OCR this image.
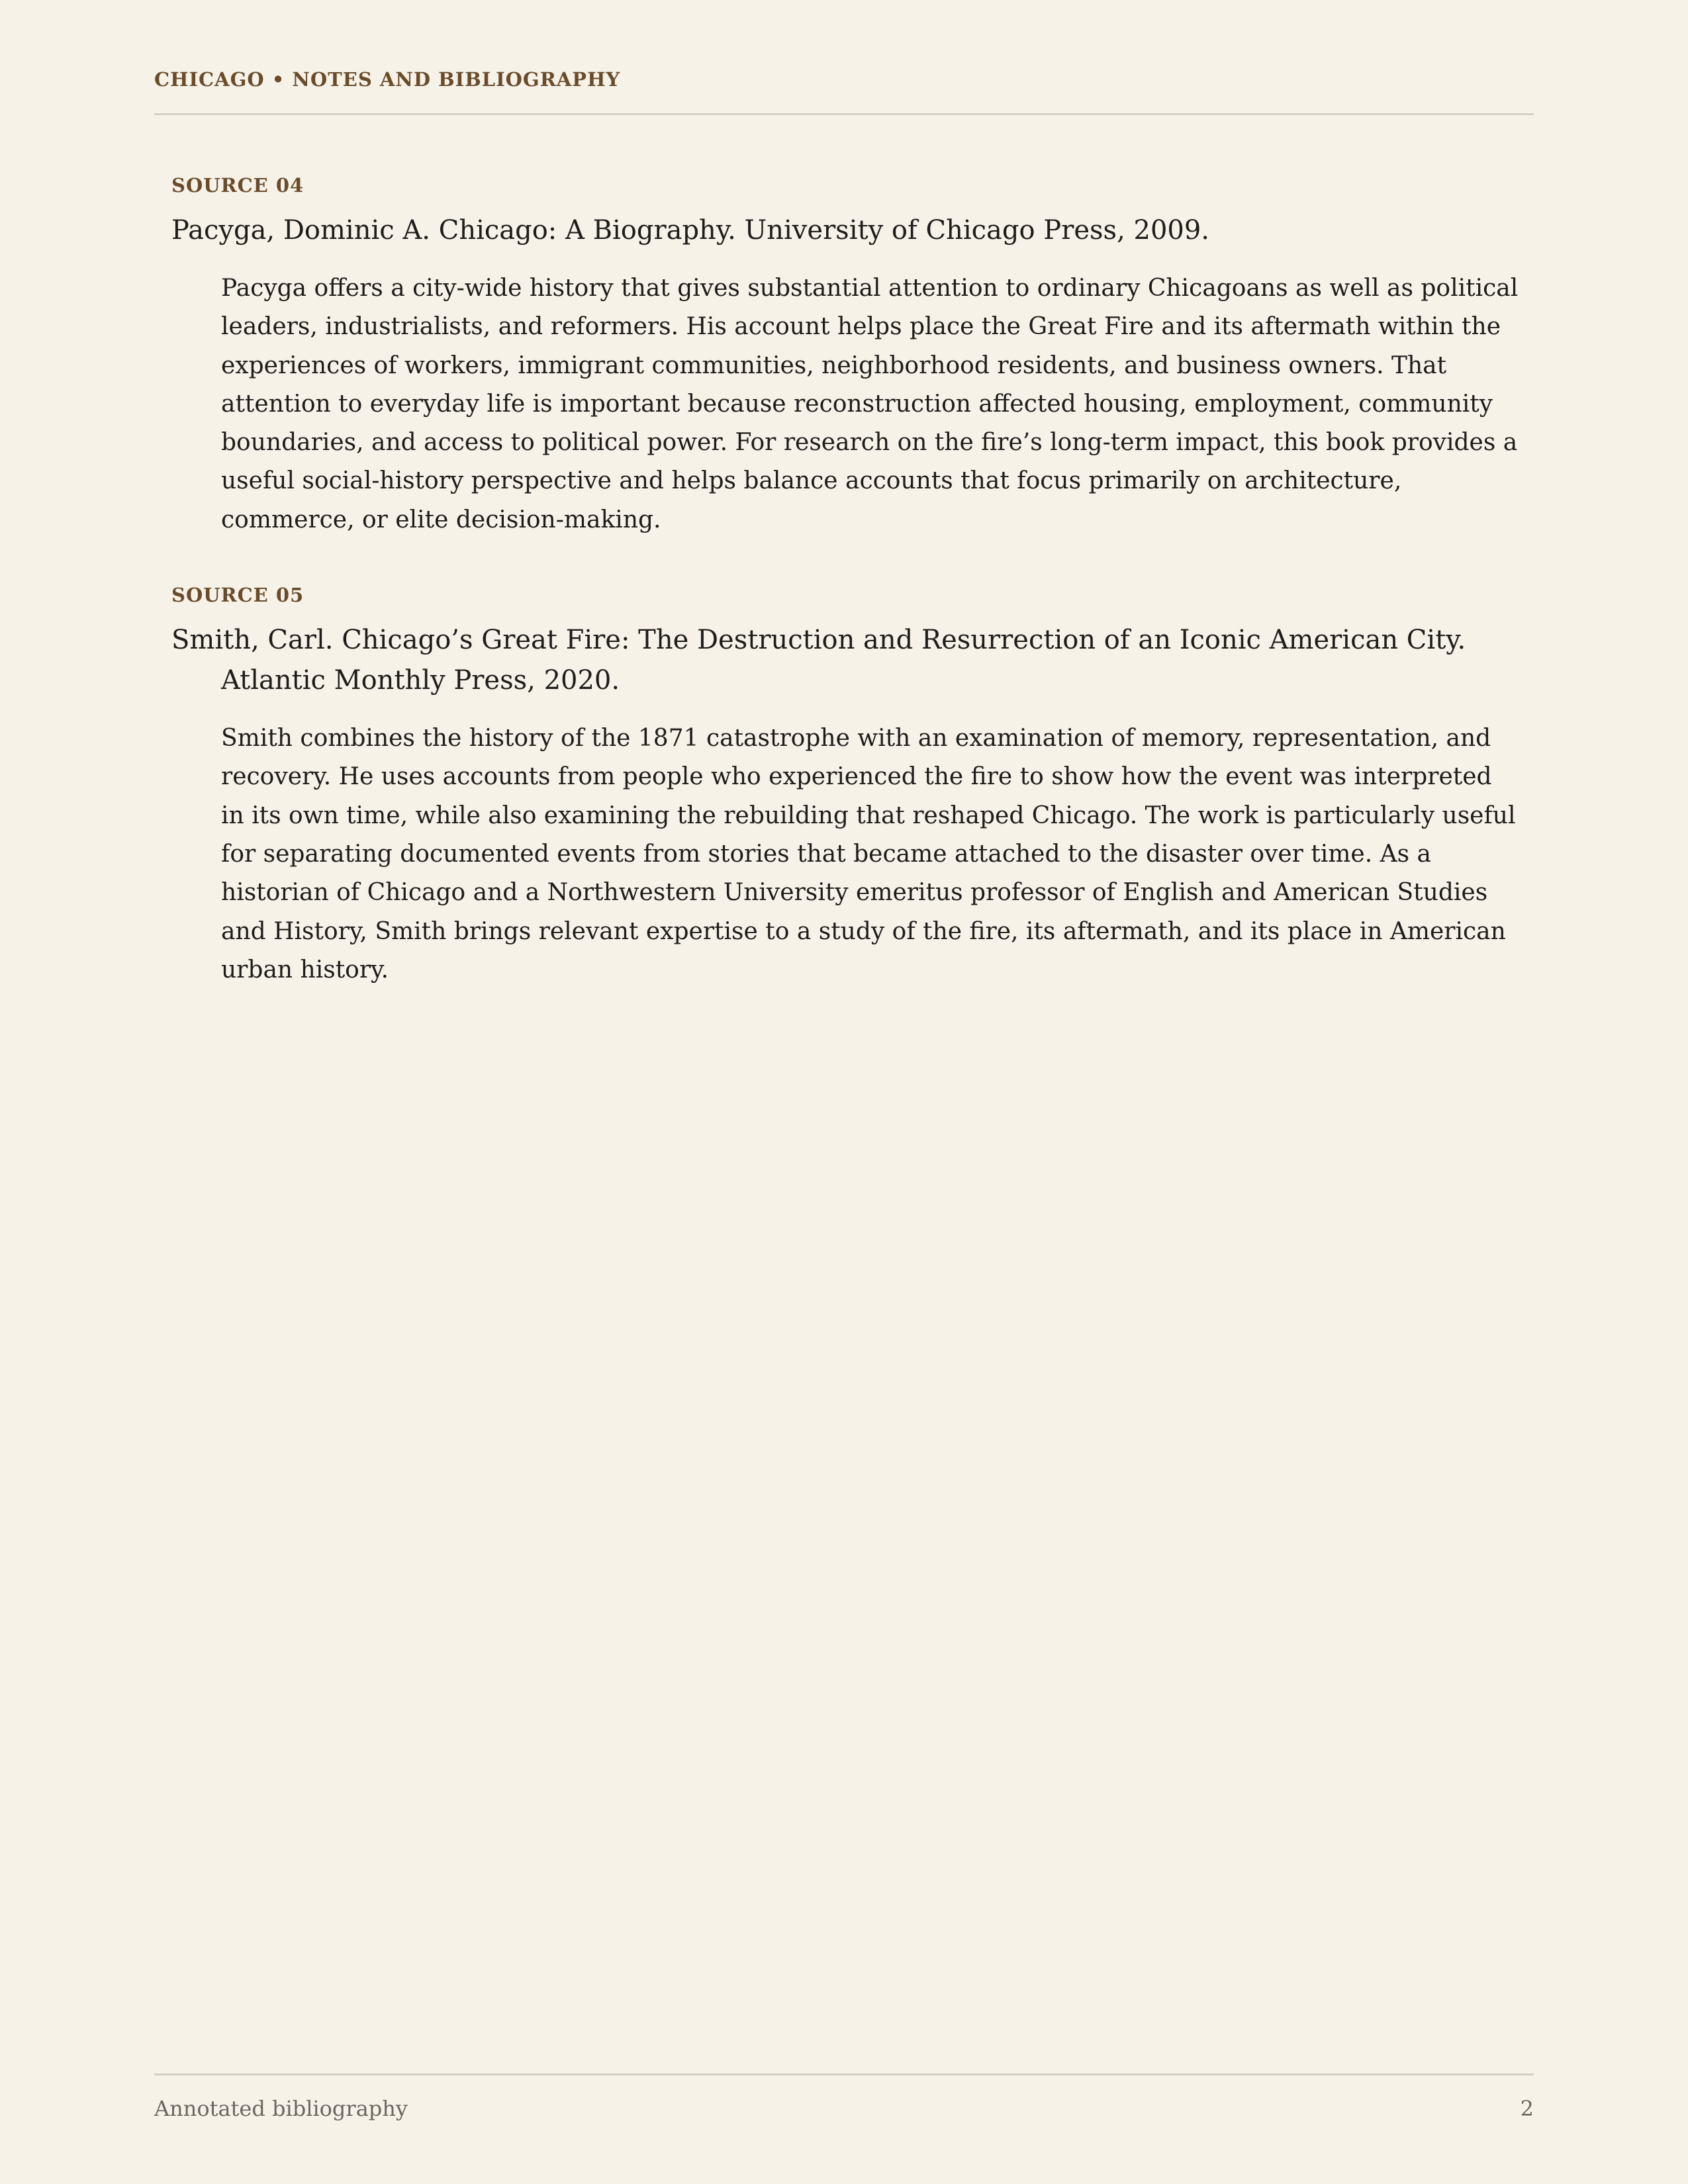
CHICAGO • NOTES AND BIBLIOGRAPHY

SOURCE 04

Pacyga, Dominic A. Chicago: A Biography. University of Chicago Press, 2009.

Pacyga offers a city-wide history that gives substantial attention to ordinary Chicagoans as well as political leaders, industrialists, and reformers. His account helps place the Great Fire and its aftermath within the experiences of workers, immigrant communities, neighborhood residents, and business owners. That attention to everyday life is important because reconstruction affected housing, employment, community boundaries, and access to political power. For research on the fire’s long-term impact, this book provides a useful social-history perspective and helps balance accounts that focus primarily on architecture, commerce, or elite decision-making.

SOURCE 05

Smith, Carl. Chicago’s Great Fire: The Destruction and Resurrection of an Iconic American City. Atlantic Monthly Press, 2020.

Smith combines the history of the 1871 catastrophe with an examination of memory, representation, and recovery. He uses accounts from people who experienced the fire to show how the event was interpreted in its own time, while also examining the rebuilding that reshaped Chicago. The work is particularly useful for separating documented events from stories that became attached to the disaster over time. As a historian of Chicago and a Northwestern University emeritus professor of English and American Studies and History, Smith brings relevant expertise to a study of the fire, its aftermath, and its place in American urban history.

Annotated bibliography	2
